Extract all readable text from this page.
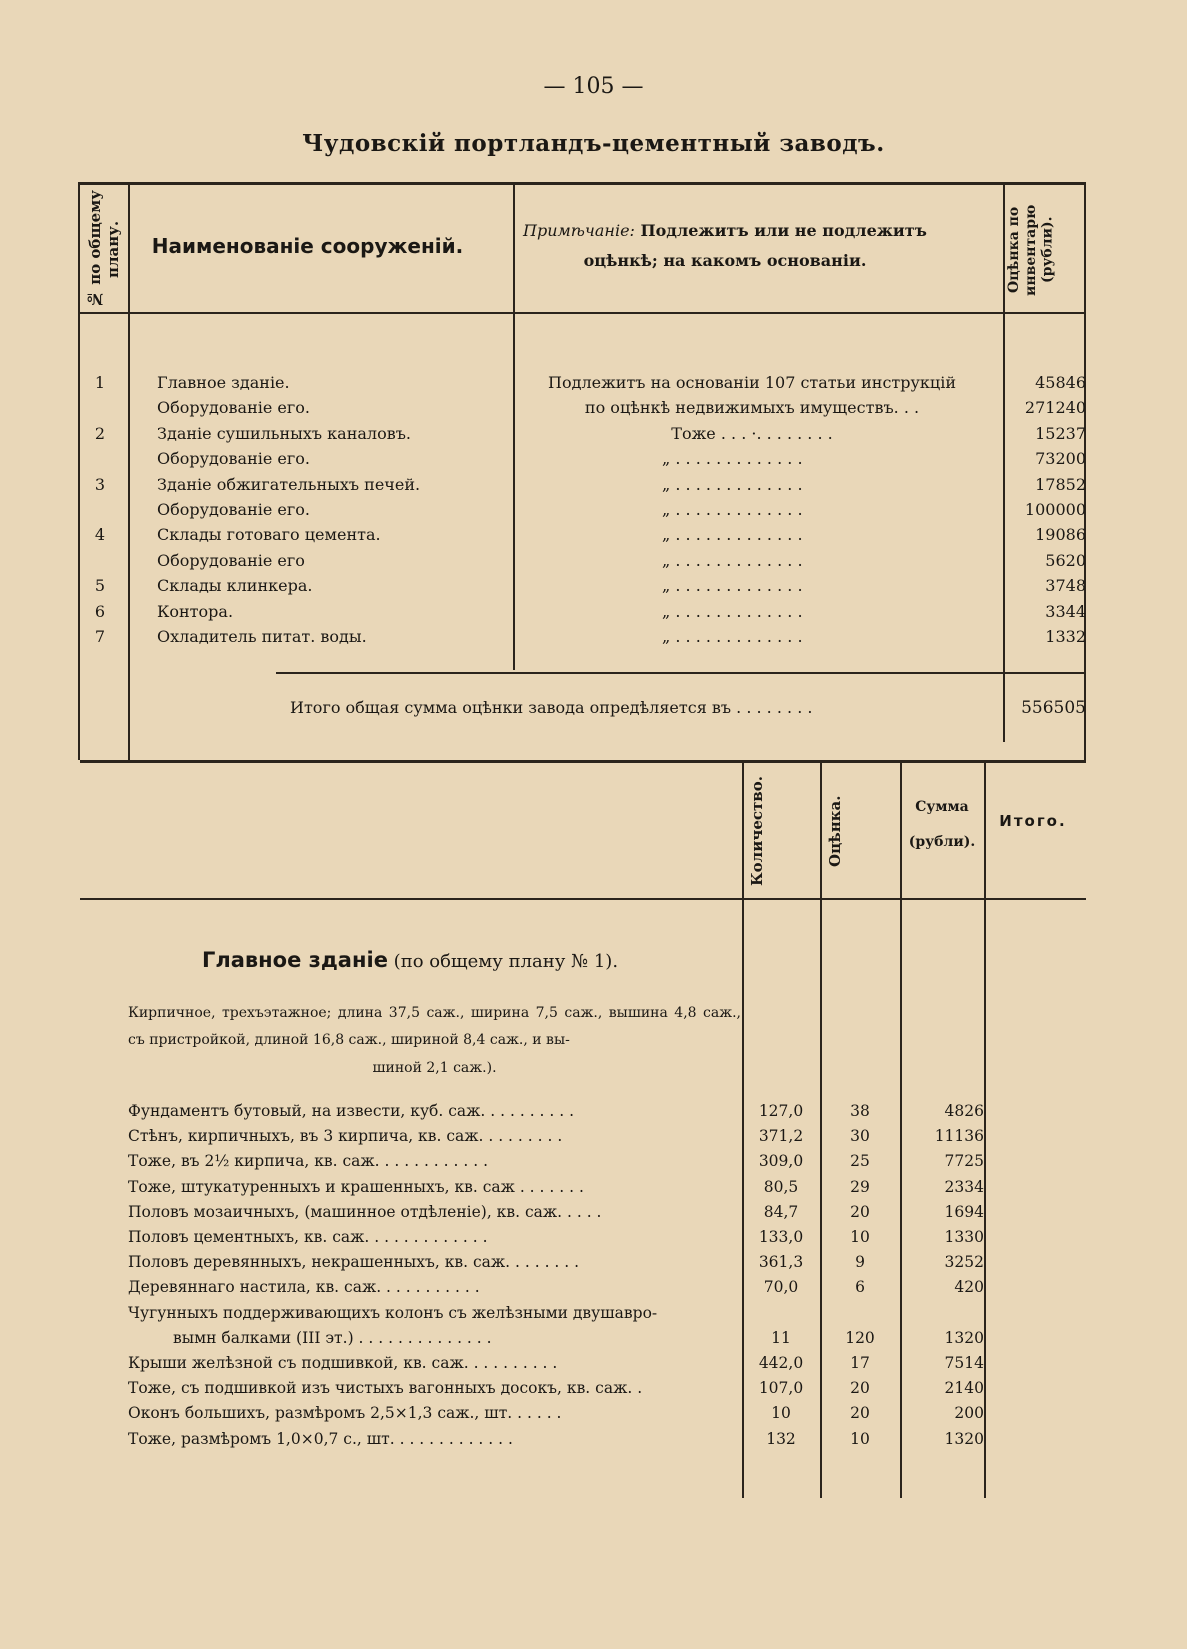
— 105 —
Чудовскій портландъ-цементный заводъ.
№ по общему плану.	Наименованіе сооруженій.
Примѣчаніе: Подлежитъ или не подлежитъ оцѣнкѣ; на какомъ основаніи.	Оцѣнка по инвентарю (рубли).
1	Главное зданіе.	Подлежитъ на основаніи 107 статьи инструкцій	45846
Оборудованіе его.	по оцѣнкѣ недвижимыхъ имуществъ. . .	271240
2	Зданіе сушильныхъ каналовъ.	Тоже . . . ·. . . . . . . .	15237
Оборудованіе его.	„ . . . . . . . . . . . . .	73200
3	Зданіе обжигательныхъ печей.	„ . . . . . . . . . . . . .	17852
Оборудованіе его.	„ . . . . . . . . . . . . .	100000
4	Склады готоваго цемента.	„ . . . . . . . . . . . . .	19086
Оборудованіе его	„ . . . . . . . . . . . . .	5620
5	Склады клинкера.	„ . . . . . . . . . . . . .	3748
6	Контора.	„ . . . . . . . . . . . . .	3344
7	Охладитель питат. воды.	„ . . . . . . . . . . . . .	1332
Итого общая сумма оцѣнки завода опредѣляется въ . . . . . . . .	556505
Количество.	Оцѣнка.	Сумма (рубли).
Итого.
Главное зданіе (по общему плану № 1).
Кирпичное, трехъэтажное; длина 37,5 саж., ширина 7,5 саж., вышина 4,8 саж., съ пристройкой, длиной 16,8 саж., шириной 8,4 саж., и вы-
шиной 2,1 саж.).
Фундаментъ бутовый, на извести, куб. саж. . . . . . . . . .	127,0	38	4826
Стѣнъ, кирпичныхъ, въ 3 кирпича, кв. саж. . . . . . . . .	371,2	30	11136
Тоже, въ 2½ кирпича, кв. саж. . . . . . . . . . . .	309,0	25	7725
Тоже, штукатуренныхъ и крашенныхъ, кв. саж . . . . . . .	80,5	29	2334
Половъ мозаичныхъ, (машинное отдѣленіе), кв. саж. . . . .	84,7	20	1694
Половъ цементныхъ, кв. саж. . . . . . . . . . . . .	133,0	10	1330
Половъ деревянныхъ, некрашенныхъ, кв. саж. . . . . . . .	361,3	9	3252
Деревяннаго настила, кв. саж. . . . . . . . . . .	70,0	6	420
Чугунныхъ поддерживающихъ колонъ съ желѣзными двушавро-
вымн балками (III эт.) . . . . . . . . . . . . . .	11	120	1320
Крыши желѣзной съ подшивкой, кв. саж. . . . . . . . . .	442,0	17	7514
Тоже, съ подшивкой изъ чистыхъ вагонныхъ досокъ, кв. саж. .	107,0	20	2140
Оконъ большихъ, размѣромъ 2,5×1,3 саж., шт. . . . . .	10	20	200
Тоже, размѣромъ 1,0×0,7 с., шт. . . . . . . . . . . . .	132	10	1320
